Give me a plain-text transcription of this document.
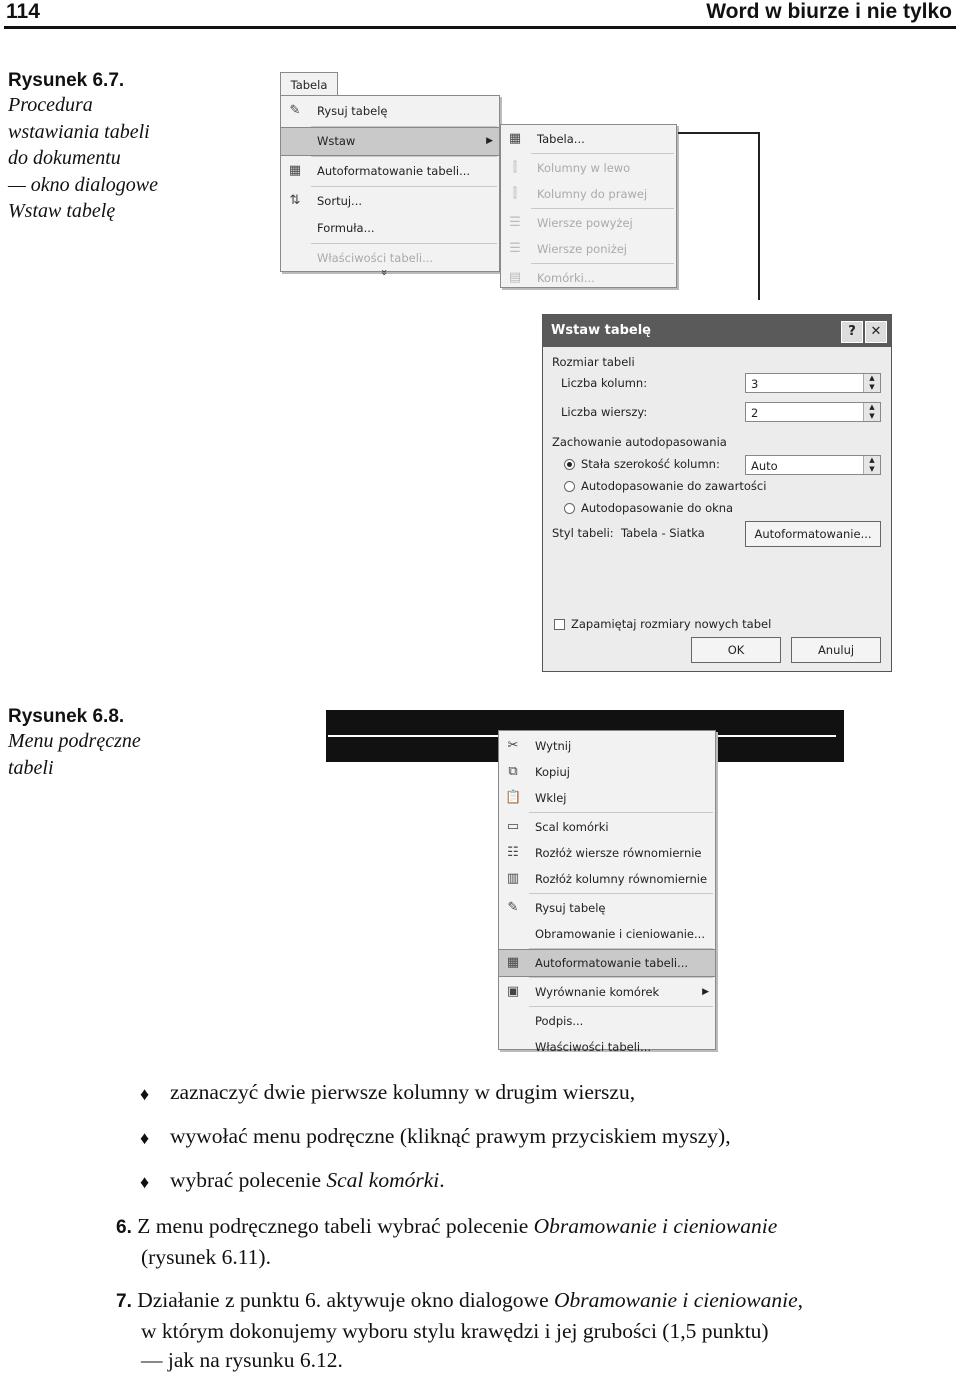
114	Word w biurze i nie tylko
Rysunek 6.7.
Procedura
wstawiania tabeli
do dokumentu
— okno dialogowe
Wstaw tabelę
Tabela
✎ Rysuj tabelę
Wstaw	▶
▦ Autoformatowanie tabeli...
⇅ Sortuj...
Formuła...
Właściwości tabeli...
»
▦ Tabela...
⫿	Kolumny w lewo
⫿	Kolumny do prawej
☰ Wiersze powyżej
☰ Wiersze poniżej
▤ Komórki...
Wstaw tabelę	?	✕
Rozmiar tabeli
Liczba kolumn:	3	▲
▼
Liczba wierszy:	2	▲
▼
Zachowanie autodopasowania
Stała szerokość kolumn:	Auto	▲
▼
Autodopasowanie do zawartości
Autodopasowanie do okna
Styl tabeli: Tabela - Siatka	Autoformatowanie...
Zapamiętaj rozmiary nowych tabel
OK	Anuluj
Rysunek 6.8.
Menu podręczne
tabeli
✂ Wytnij
⧉ Kopiuj
📋 Wklej
▭ Scal komórki
☷ Rozłóż wiersze równomiernie
▥ Rozłóż kolumny równomiernie
✎ Rysuj tabelę
Obramowanie i cieniowanie...
▦ Autoformatowanie tabeli...
▣ Wyrównanie komórek	▶
Podpis...
Właściwości tabeli...
♦ zaznaczyć dwie pierwsze kolumny w drugim wierszu,
♦ wywołać menu podręczne (kliknąć prawym przyciskiem myszy),
♦ wybrać polecenie Scal komórki.
6. Z menu podręcznego tabeli wybrać polecenie Obramowanie i cieniowanie
(rysunek 6.11).
7. Działanie z punktu 6. aktywuje okno dialogowe Obramowanie i cieniowanie,
w którym dokonujemy wyboru stylu krawędzi i jej grubości (1,5 punktu)
— jak na rysunku 6.12.
